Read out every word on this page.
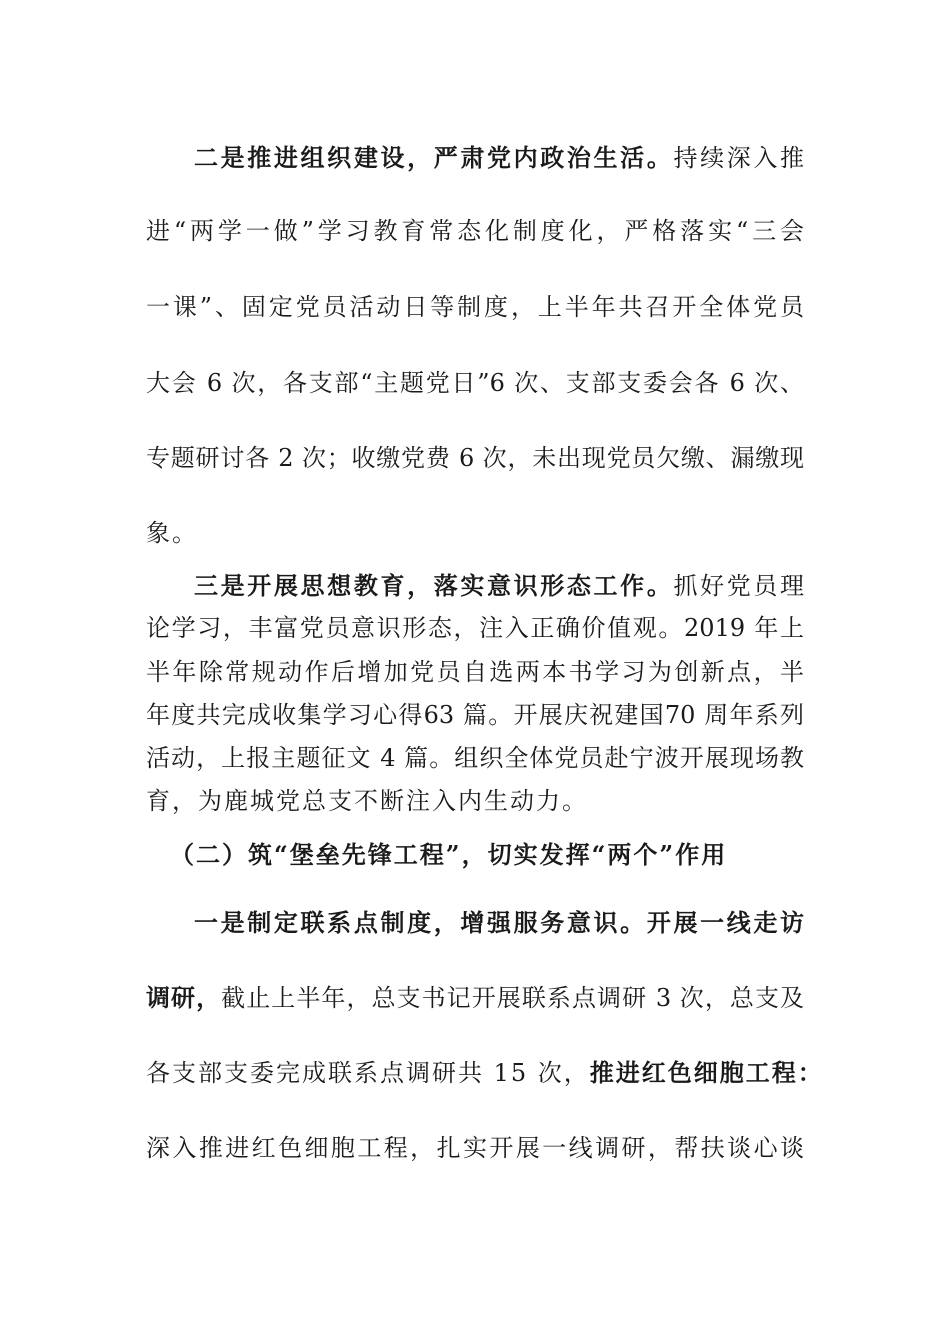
二是推进组织建设，严肃党内政治生活。持续深入推
进“两学一做”学习教育常态化制度化，严格落实“三会
一课”、固定党员活动日等制度，上半年共召开全体党员
大会 6 次，各支部“主题党日”6 次、支部支委会各 6 次、
专题研讨各 2 次；收缴党费 6 次，未出现党员欠缴、漏缴现
象。
三是开展思想教育，落实意识形态工作。抓好党员理
论学习，丰富党员意识形态，注入正确价值观。2019 年上
半年除常规动作后增加党员自选两本书学习为创新点，半
年度共完成收集学习心得63 篇。开展庆祝建国70 周年系列
活动，上报主题征文 4 篇。组织全体党员赴宁波开展现场教
育，为鹿城党总支不断注入内生动力。
（二）筑“堡垒先锋工程”，切实发挥“两个”作用
一是制定联系点制度，增强服务意识。开展一线走访
调研，截止上半年，总支书记开展联系点调研 3 次，总支及
各支部支委完成联系点调研共 15 次， 推进红色细胞工程：
深入推进红色细胞工程，扎实开展一线调研，帮扶谈心谈
